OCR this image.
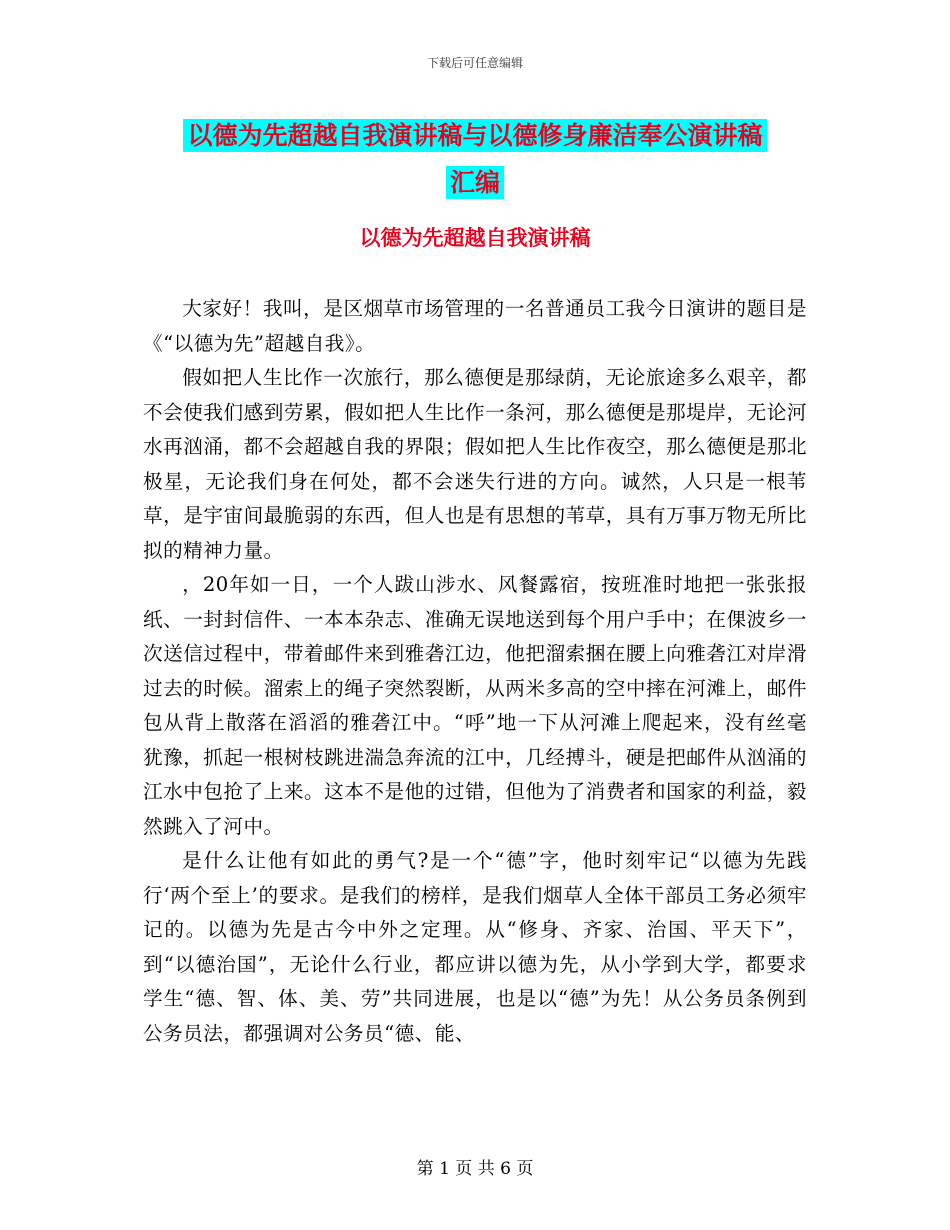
下载后可任意编辑
以德为先超越自我演讲稿与以德修身廉洁奉公演讲稿
汇编
以德为先超越自我演讲稿

大家好！我叫，是区烟草市场管理的一名普通员工我今日演讲的题目是《“以德为先”超越自我》。

假如把人生比作一次旅行，那么德便是那绿荫，无论旅途多么艰辛，都不会使我们感到劳累，假如把人生比作一条河，那么德便是那堤岸，无论河水再汹涌，都不会超越自我的界限；假如把人生比作夜空，那么德便是那北极星，无论我们身在何处，都不会迷失行进的方向。诚然，人只是一根苇草，是宇宙间最脆弱的东西，但人也是有思想的苇草，具有万事万物无所比拟的精神力量。

，20年如一日，一个人跋山涉水、风餐露宿，按班准时地把一张张报纸、一封封信件、一本本杂志、准确无误地送到每个用户手中；在倮波乡一次送信过程中，带着邮件来到雅砻江边，他把溜索捆在腰上向雅砻江对岸滑过去的时候。溜索上的绳子突然裂断，从两米多高的空中摔在河滩上，邮件包从背上散落在滔滔的雅砻江中。“呼”地一下从河滩上爬起来，没有丝毫犹豫，抓起一根树枝跳进湍急奔流的江中，几经搏斗，硬是把邮件从汹涌的江水中包抢了上来。这本不是他的过错，但他为了消费者和国家的利益，毅然跳入了河中。

是什么让他有如此的勇气?是一个“德”字，他时刻牢记“以德为先践行‘两个至上’的要求。是我们的榜样，是我们烟草人全体干部员工务必须牢记的。以德为先是古今中外之定理。从“修身、齐家、治国、平天下”，到“以德治国”，无论什么行业，都应讲以德为先，从小学到大学，都要求学生“德、智、体、美、劳”共同进展，也是以“德”为先！从公务员条例到公务员法，都强调对公务员“德、能、

第 1 页 共 6 页
